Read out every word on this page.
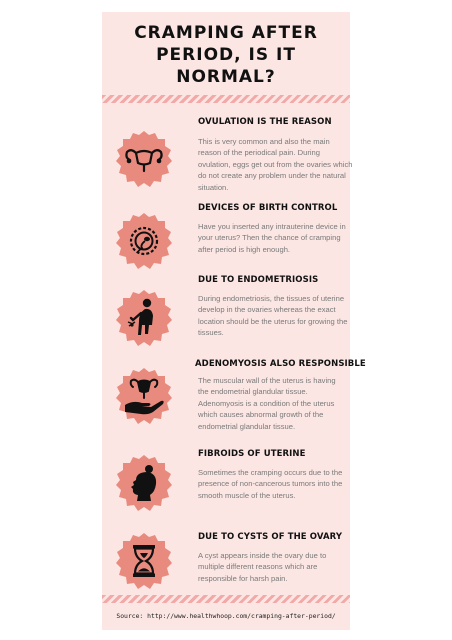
CRAMPING AFTER
PERIOD, IS IT
NORMAL?
OVULATION IS THE REASON
This is very common and also the main reason of the periodical pain. During ovulation, eggs get out from the ovaries which do not create any problem under the natural situation.
DEVICES OF BIRTH CONTROL
Have you inserted any intrauterine device in your uterus? Then the chance of cramping after period is high enough.
DUE TO ENDOMETRIOSIS
During endometriosis, the tissues of uterine develop in the ovaries whereas the exact location should be the uterus for growing the tissues.
ADENOMYOSIS ALSO RESPONSIBLE
The muscular wall of the uterus is having the endometrial glandular tissue. Adenomyosis is a condition of the uterus which causes abnormal growth of the endometrial glandular tissue.
FIBROIDS OF UTERINE
Sometimes the cramping occurs due to the presence of non-cancerous tumors into the smooth muscle of the uterus.
DUE TO CYSTS OF THE OVARY
A cyst appears inside the ovary due to multiple different reasons which are responsible for harsh pain.
Source: http://www.healthwhoop.com/cramping-after-period/
